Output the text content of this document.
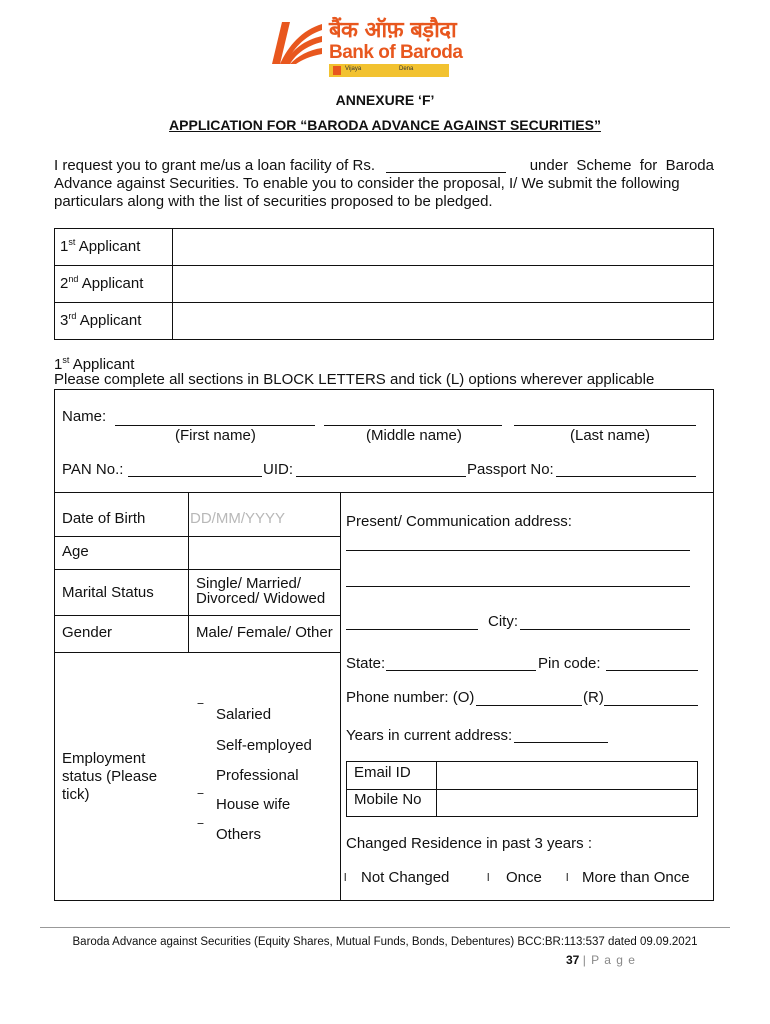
बैंक ऑफ़ बड़ौदा
Bank of Baroda
Vijaya	Dena
ANNEXURE ‘F’
APPLICATION FOR “BARODA ADVANCE AGAINST SECURITIES”
I request you to grant me/us a loan facility of Rs.	under  Scheme  for  Baroda
Advance against Securities. To enable you to consider the proposal, I/ We submit the following
particulars along with the list of securities proposed to be pledged.
1st Applicant
2nd Applicant
3rd Applicant
1st Applicant
Please complete all sections in BLOCK LETTERS and tick (L) options wherever applicable
Name:
(First name)	(Middle name)	(Last name)
PAN No.:	UID:	Passport No:
Date of Birth	DD/MM/YYYY
Age
Marital Status
Single/ Married/
Divorced/ Widowed
Gender	Male/ Female/ Other
Employment
status (Please
tick)
‾ Salaried
Self-employed
Professional
‾ House wife
‾ Others
Present/ Communication address:
City:
State:	Pin code:
Phone number: (O)	(R)
Years in current address:
Email ID
Mobile No
Changed Residence in past 3 years :
l Not Changed	l Once l More than Once
Baroda Advance against Securities (Equity Shares, Mutual Funds, Bonds, Debentures) BCC:BR:113:537 dated 09.09.2021
37 | P a g e
